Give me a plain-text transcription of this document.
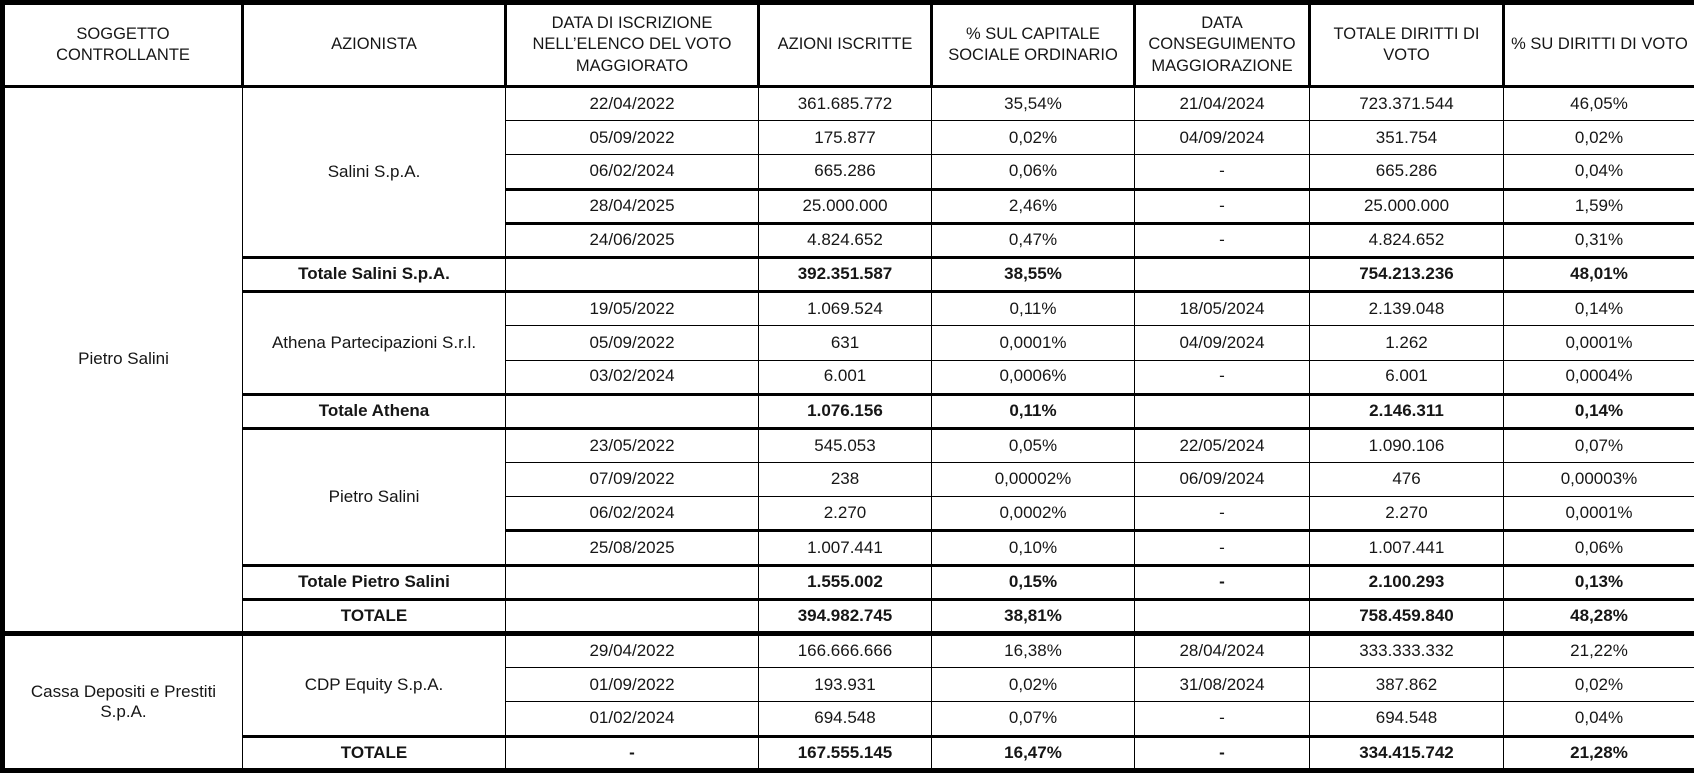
SOGGETTO CONTROLLANTE	AZIONISTA	DATA DI ISCRIZIONE NELL’ELENCO DEL VOTO MAGGIORATO	AZIONI ISCRITTE	% SUL CAPITALE SOCIALE ORDINARIO	DATA CONSEGUIMENTO MAGGIORAZIONE	TOTALE DIRITTI DI VOTO	% SU DIRITTI DI VOTO
Pietro Salini	Salini S.p.A.	22/04/2022	361.685.772	35,54%	21/04/2024	723.371.544	46,05%
		05/09/2022	175.877	0,02%	04/09/2024	351.754	0,02%
		06/02/2024	665.286	0,06%	-	665.286	0,04%
		28/04/2025	25.000.000	2,46%	-	25.000.000	1,59%
		24/06/2025	4.824.652	0,47%	-	4.824.652	0,31%
	Totale Salini S.p.A.		392.351.587	38,55%		754.213.236	48,01%
	Athena Partecipazioni S.r.l.	19/05/2022	1.069.524	0,11%	18/05/2024	2.139.048	0,14%
		05/09/2022	631	0,0001%	04/09/2024	1.262	0,0001%
		03/02/2024	6.001	0,0006%	-	6.001	0,0004%
	Totale Athena		1.076.156	0,11%		2.146.311	0,14%
	Pietro Salini	23/05/2022	545.053	0,05%	22/05/2024	1.090.106	0,07%
		07/09/2022	238	0,00002%	06/09/2024	476	0,00003%
		06/02/2024	2.270	0,0002%	-	2.270	0,0001%
		25/08/2025	1.007.441	0,10%	-	1.007.441	0,06%
	Totale Pietro Salini		1.555.002	0,15%	-	2.100.293	0,13%
	TOTALE		394.982.745	38,81%		758.459.840	48,28%
Cassa Depositi e Prestiti S.p.A.	CDP Equity S.p.A.	29/04/2022	166.666.666	16,38%	28/04/2024	333.333.332	21,22%
		01/09/2022	193.931	0,02%	31/08/2024	387.862	0,02%
		01/02/2024	694.548	0,07%	-	694.548	0,04%
	TOTALE	-	167.555.145	16,47%	-	334.415.742	21,28%
